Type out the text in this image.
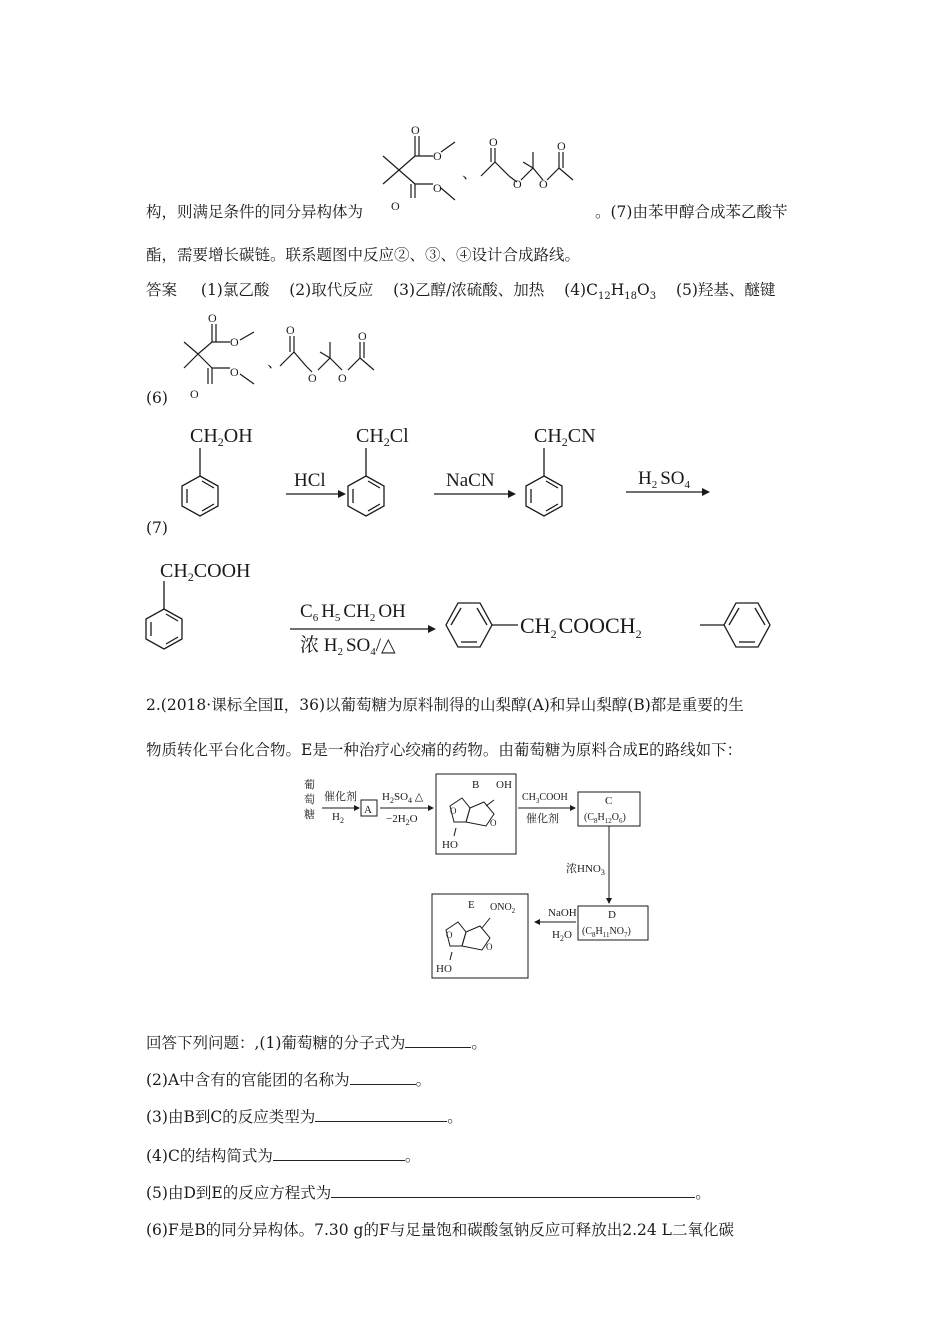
O
O
O
O
O
O O
O
、
构，则满足条件的同分异构体为	。(7)由苯甲醇合成苯乙酸苄
酯，需要增长碳链。联系题图中反应②、③、④设计合成路线。
答案 (1)氯乙酸 (2)取代反应 (3)乙醇/浓硫酸、加热 $(4)C_{12}H_{18}O_3$ (5)羟基、醚键
O
O
O
O
O
O O
O
、
(6)
(7)
$CH_2OH$
HCl
$CH_2Cl$
NaCN
$CH_2CN$
$H_2$ $SO_4$
$CH_2COOH$
$C_6$ $H_5$ $CH_2$ OH
浓 $H_2$ $SO_4/\triangle$
$CH_2COOCH_2$
2.(2018·课标全国Ⅱ，36)以葡萄糖为原料制得的山梨醇(A)和异山梨醇(B)都是重要的生
物质转化平台化合物。E是一种治疗心绞痛的药物。由葡萄糖为原料合成E的路线如下：
葡
萄
糖
催化剂
$H_2$
A
$H_2SO_4$ △
$-2H_2O$
B OH
HO
O
O
$CH_3COOH$
催化剂
C
$(C_8H_{12}O_6)$
浓$HNO_3$
D
$(C_8H_{11}NO_7)$
NaOH
$H_2O$
E $ONO_2$
HO
O
O
回答下列问题：,(1)葡萄糖的分子式为	。
(2)A中含有的官能团的名称为	。
(3)由B到C的反应类型为	。
(4)C的结构简式为	。
(5)由D到E的反应方程式为	。
(6)F是B的同分异构体。7.30 g的F与足量饱和碳酸氢钠反应可释放出2.24 L二氧化碳
